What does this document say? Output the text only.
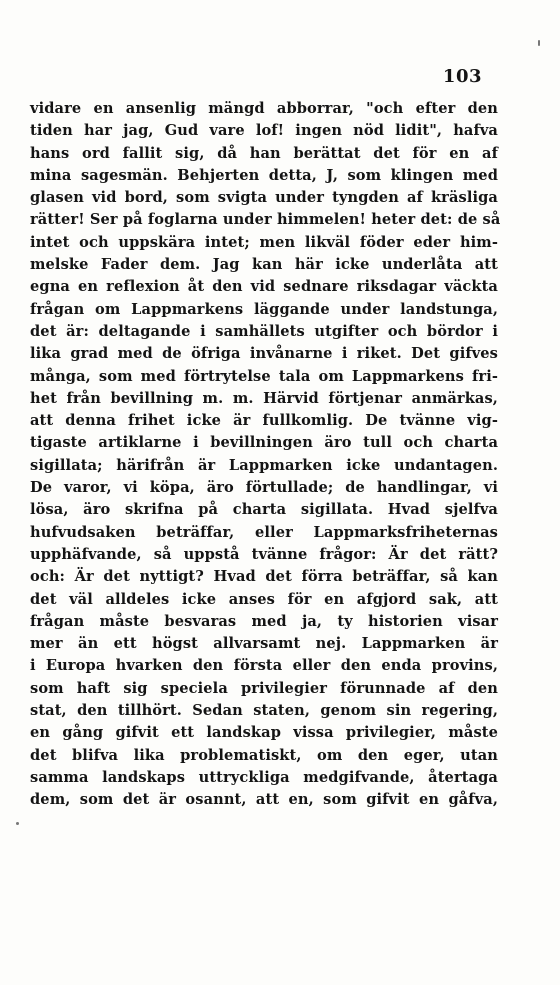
103
vidare en ansenlig mängd abborrar, "och efter den
tiden har jag, Gud vare lof! ingen nöd lidit", hafva
hans ord fallit sig, då han berättat det för en af
mina sagesmän. Behjerten detta, J, som klingen med
glasen vid bord, som svigta under tyngden af kräsliga
rätter! Ser på foglarna under himmelen! heter det: de så
intet och uppskära intet; men likväl föder eder him-
melske Fader dem. Jag kan här icke underlåta att
egna en reflexion åt den vid sednare riksdagar väckta
frågan om Lappmarkens läggande under landstunga,
det är: deltagande i samhällets utgifter och bördor i
lika grad med de öfriga invånarne i riket. Det gifves
många, som med förtrytelse tala om Lappmarkens fri-
het från bevillning m. m. Härvid förtjenar anmärkas,
att denna frihet icke är fullkomlig. De tvänne vig-
tigaste artiklarne i bevillningen äro tull och charta
sigillata; härifrån är Lappmarken icke undantagen.
De varor, vi köpa, äro förtullade; de handlingar, vi
lösa, äro skrifna på charta sigillata. Hvad sjelfva
hufvudsaken beträffar, eller Lappmarksfriheternas
upphäfvande, så uppstå tvänne frågor: Är det rätt?
och: Är det nyttigt? Hvad det förra beträffar, så kan
det väl alldeles icke anses för en afgjord sak, att
frågan måste besvaras med ja, ty historien visar
mer än ett högst allvarsamt nej. Lappmarken är
i Europa hvarken den första eller den enda provins,
som haft sig speciela privilegier förunnade af den
stat, den tillhört. Sedan staten, genom sin regering,
en gång gifvit ett landskap vissa privilegier, måste
det blifva lika problematiskt, om den eger, utan
samma landskaps uttryckliga medgifvande, återtaga
dem, som det är osannt, att en, som gifvit en gåfva,
